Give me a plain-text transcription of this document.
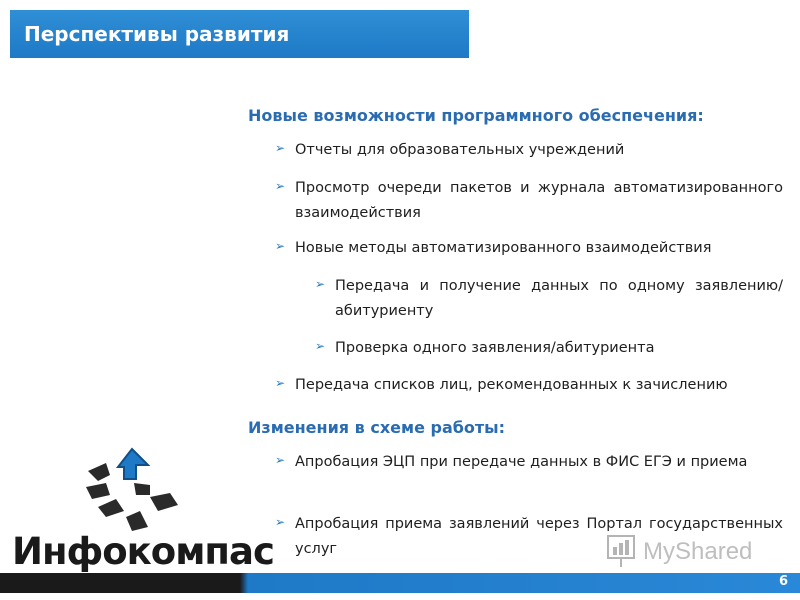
Перспективы развития
Новые возможности программного обеспечения:
➢ Отчеты для образовательных учреждений
➢ Просмотр очереди пакетов и журнала автоматизированного взаимодействия
➢ Новые методы автоматизированного взаимодействия
➢ Передача и получение данных по одному заявлению/абитуриенту
➢ Проверка одного заявления/абитуриента
➢ Передача списков лиц, рекомендованных к зачислению
Изменения в схеме работы:
➢ Апробация ЭЦП при передаче данных в ФИС ЕГЭ и приема
➢ Апробация приема заявлений через Портал государственных услуг
Инфокомпас	MyShared
6
